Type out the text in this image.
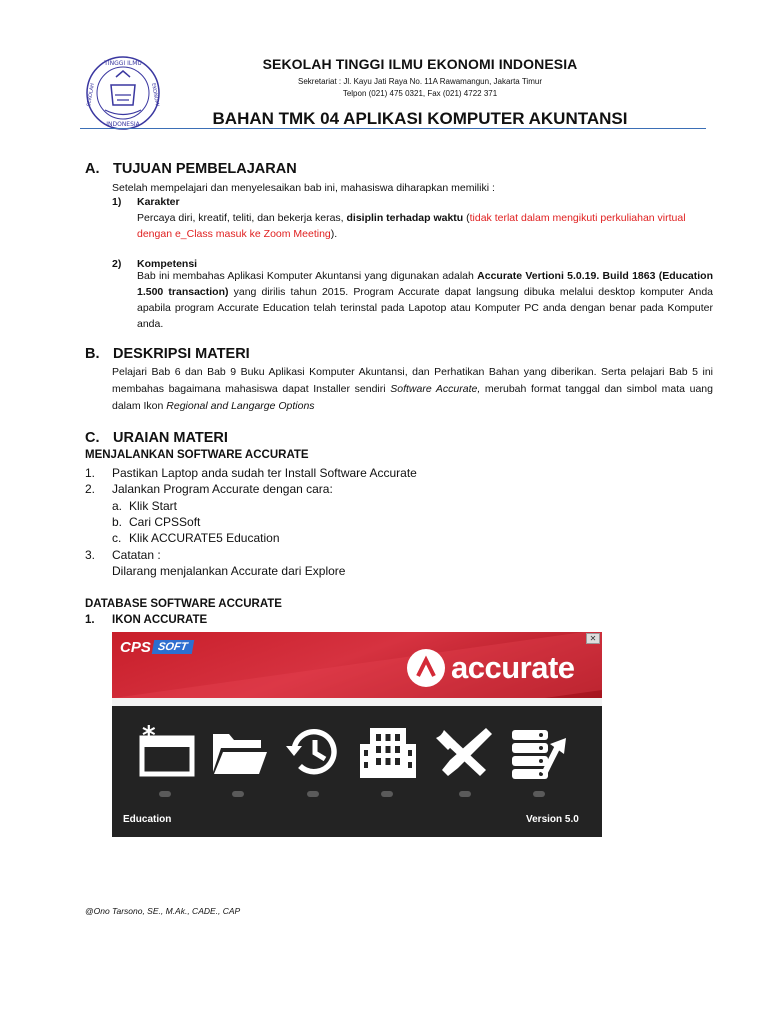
TINGGI ILMU
INDONESIA
SEKOLAH	EKONOMI
SEKOLAH TINGGI ILMU EKONOMI INDONESIA
Sekretariat : Jl. Kayu Jati Raya No. 11A Rawamangun, Jakarta Timur
Telpon (021) 475 0321, Fax (021) 4722 371
BAHAN TMK 04 APLIKASI KOMPUTER AKUNTANSI
A. TUJUAN PEMBELAJARAN
Setelah mempelajari dan menyelesaikan bab ini, mahasiswa diharapkan memiliki :
1) Karakter
Percaya diri, kreatif, teliti, dan bekerja keras, disiplin terhadap waktu (tidak terlat dalam mengikuti perkuliahan virtual dengan e_Class masuk ke Zoom Meeting).
2) Kompetensi
Bab ini membahas Aplikasi Komputer Akuntansi yang digunakan adalah Accurate Vertioni 5.0.19. Build 1863 (Education 1.500 transaction) yang dirilis tahun 2015. Program Accurate dapat langsung dibuka melalui desktop komputer Anda apabila program Accurate Education telah terinstal pada Lapotop atau Komputer PC anda dengan benar pada Komputer anda.
B. DESKRIPSI MATERI
Pelajari Bab 6 dan Bab 9 Buku Aplikasi Komputer Akuntansi, dan Perhatikan Bahan yang diberikan. Serta pelajari Bab 5 ini membahas bagaimana mahasiswa dapat Installer sendiri Software Accurate, merubah format tanggal dan simbol mata uang dalam Ikon Regional and Langarge Options
C. URAIAN MATERI
MENJALANKAN SOFTWARE ACCURATE
1. Pastikan Laptop anda sudah ter Install Software Accurate
2. Jalankan Program Accurate dengan cara:
a. Klik Start
b. Cari CPSSoft
c. Klik ACCURATE5 Education
3. Catatan :
Dilarang menjalankan Accurate dari Explore
DATABASE SOFTWARE ACCURATE
1. IKON ACCURATE
CPS SOFT
✕
accurate
*
Education	Version 5.0
@Ono Tarsono, SE., M.Ak., CADE., CAP
